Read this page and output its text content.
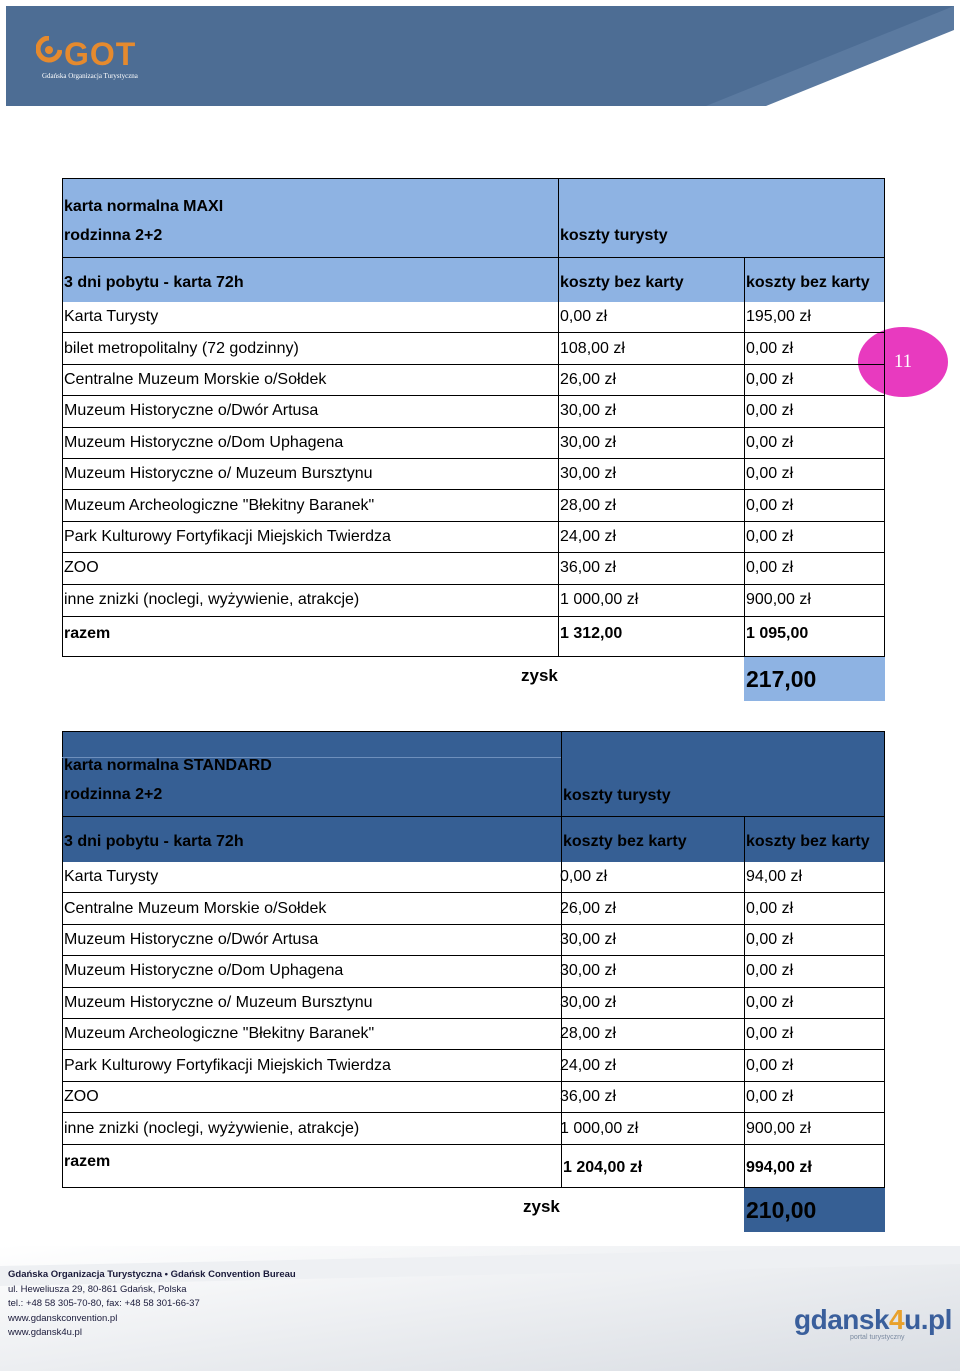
GOT
Gdańska Organizacja Turystyczna
11
karta normalna MAXI
rodzinna 2+2	koszty turysty
3 dni pobytu - karta 72h	koszty bez karty	koszty bez karty
Karta Turysty	0,00 zł	195,00 zł
bilet metropolitalny (72 godzinny)	108,00 zł	0,00 zł
Centralne Muzeum Morskie o/Sołdek	26,00 zł	0,00 zł
Muzeum Historyczne o/Dwór Artusa	30,00 zł	0,00 zł
Muzeum Historyczne o/Dom Uphagena	30,00 zł	0,00 zł
Muzeum Historyczne o/ Muzeum Bursztynu	30,00 zł	0,00 zł
Muzeum Archeologiczne "Błekitny Baranek"	28,00 zł	0,00 zł
Park Kulturowy Fortyfikacji Miejskich Twierdza	24,00 zł	0,00 zł
ZOO	36,00 zł	0,00 zł
inne znizki (noclegi, wyżywienie, atrakcje)	1 000,00 zł	900,00 zł
razem	1 312,00	1 095,00
zysk	217,00
karta normalna STANDARD
rodzinna 2+2	koszty turysty
3 dni pobytu - karta 72h	koszty bez karty	koszty bez karty
Karta Turysty	0,00 zł	94,00 zł
Centralne Muzeum Morskie o/Sołdek	26,00 zł	0,00 zł
Muzeum Historyczne o/Dwór Artusa	30,00 zł	0,00 zł
Muzeum Historyczne o/Dom Uphagena	30,00 zł	0,00 zł
Muzeum Historyczne o/ Muzeum Bursztynu	30,00 zł	0,00 zł
Muzeum Archeologiczne "Błekitny Baranek"	28,00 zł	0,00 zł
Park Kulturowy Fortyfikacji Miejskich Twierdza	24,00 zł	0,00 zł
ZOO	36,00 zł	0,00 zł
inne znizki (noclegi, wyżywienie, atrakcje)	1 000,00 zł	900,00 zł
razem	1 204,00 zł	994,00 zł
zysk	210,00
Gdańska Organizacja Turystyczna • Gdańsk Convention Bureau
ul. Heweliusza 29, 80-861 Gdańsk, Polska
tel.: +48 58 305-70-80, fax: +48 58 301-66-37
www.gdanskconvention.pl
www.gdansk4u.pl	gdansk4u.pl
portal turystyczny
